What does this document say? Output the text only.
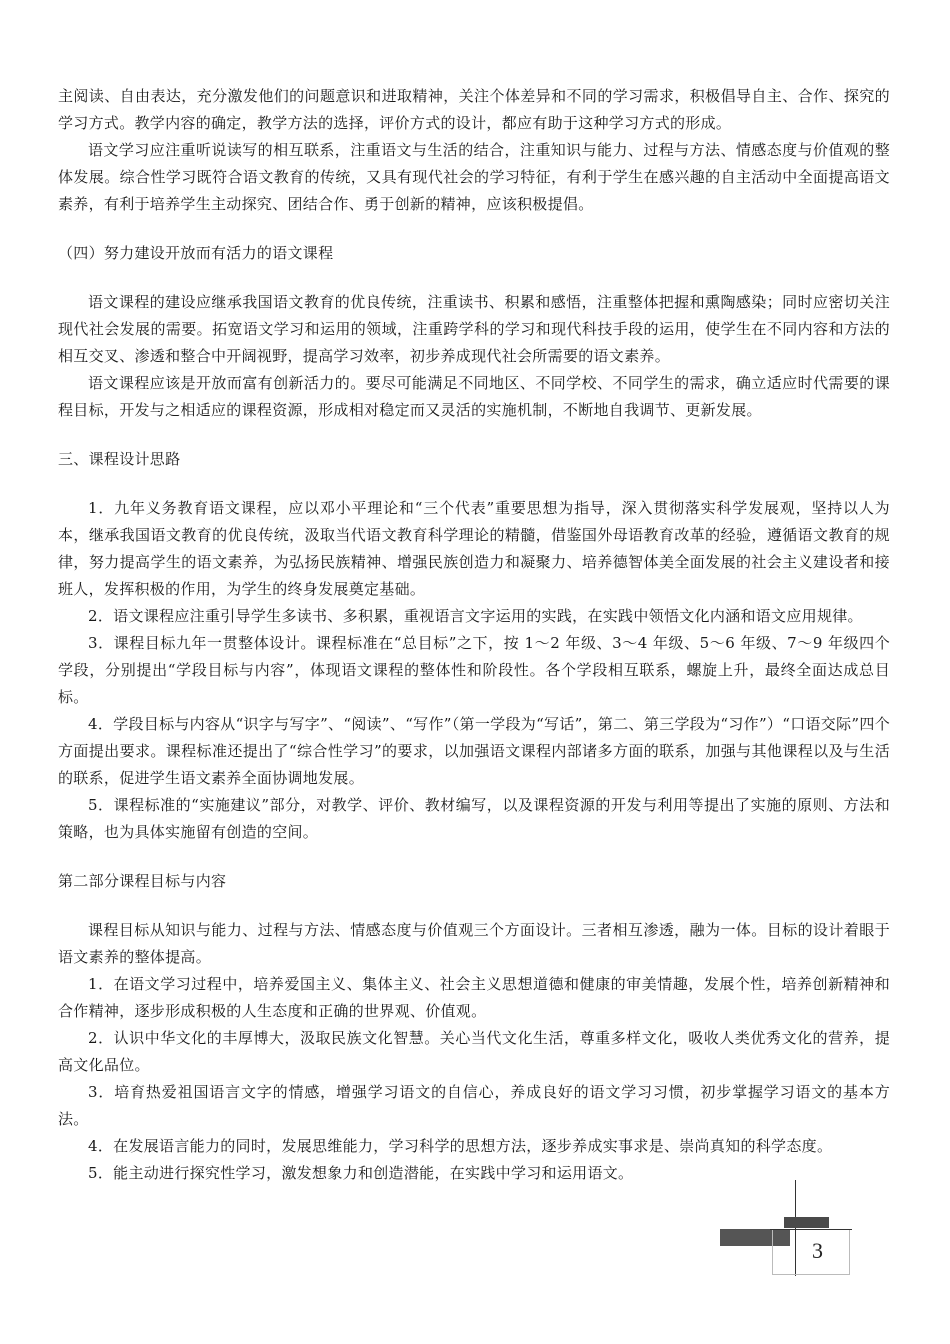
主阅读、自由表达，充分激发他们的问题意识和进取精神，关注个体差异和不同的学习需求，积极倡导自主、合作、探究的学习方式。教学内容的确定，教学方法的选择，评价方式的设计，都应有助于这种学习方式的形成。

语文学习应注重听说读写的相互联系，注重语文与生活的结合，注重知识与能力、过程与方法、情感态度与价值观的整体发展。综合性学习既符合语文教育的传统，又具有现代社会的学习特征，有利于学生在感兴趣的自主活动中全面提高语文素养，有利于培养学生主动探究、团结合作、勇于创新的精神，应该积极提倡。

（四）努力建设开放而有活力的语文课程

语文课程的建设应继承我国语文教育的优良传统，注重读书、积累和感悟，注重整体把握和熏陶感染；同时应密切关注现代社会发展的需要。拓宽语文学习和运用的领域，注重跨学科的学习和现代科技手段的运用，使学生在不同内容和方法的相互交叉、渗透和整合中开阔视野，提高学习效率，初步养成现代社会所需要的语文素养。

语文课程应该是开放而富有创新活力的。要尽可能满足不同地区、不同学校、不同学生的需求，确立适应时代需要的课程目标，开发与之相适应的课程资源，形成相对稳定而又灵活的实施机制，不断地自我调节、更新发展。

三、课程设计思路

1．九年义务教育语文课程，应以邓小平理论和“三个代表”重要思想为指导，深入贯彻落实科学发展观，坚持以人为本，继承我国语文教育的优良传统，汲取当代语文教育科学理论的精髓，借鉴国外母语教育改革的经验，遵循语文教育的规律，努力提高学生的语文素养，为弘扬民族精神、增强民族创造力和凝聚力、培养德智体美全面发展的社会主义建设者和接班人，发挥积极的作用，为学生的终身发展奠定基础。

2．语文课程应注重引导学生多读书、多积累，重视语言文字运用的实践，在实践中领悟文化内涵和语文应用规律。

3．课程目标九年一贯整体设计。课程标准在“总目标”之下，按 1～2 年级、3～4 年级、5～6 年级、7～9 年级四个学段，分别提出“学段目标与内容”，体现语文课程的整体性和阶段性。各个学段相互联系，螺旋上升，最终全面达成总目标。

4．学段目标与内容从“识字与写字”、“阅读”、“写作”（第一学段为“写话”，第二、第三学段为“习作”）“口语交际”四个方面提出要求。课程标准还提出了“综合性学习”的要求，以加强语文课程内部诸多方面的联系，加强与其他课程以及与生活的联系，促进学生语文素养全面协调地发展。

5．课程标准的“实施建议”部分，对教学、评价、教材编写，以及课程资源的开发与利用等提出了实施的原则、方法和策略，也为具体实施留有创造的空间。

第二部分课程目标与内容

课程目标从知识与能力、过程与方法、情感态度与价值观三个方面设计。三者相互渗透，融为一体。目标的设计着眼于语文素养的整体提高。

1．在语文学习过程中，培养爱国主义、集体主义、社会主义思想道德和健康的审美情趣，发展个性，培养创新精神和合作精神，逐步形成积极的人生态度和正确的世界观、价值观。

2．认识中华文化的丰厚博大，汲取民族文化智慧。关心当代文化生活，尊重多样文化，吸收人类优秀文化的营养，提高文化品位。

3．培育热爱祖国语言文字的情感，增强学习语文的自信心，养成良好的语文学习习惯，初步掌握学习语文的基本方法。

4．在发展语言能力的同时，发展思维能力，学习科学的思想方法，逐步养成实事求是、崇尚真知的科学态度。

5．能主动进行探究性学习，激发想象力和创造潜能，在实践中学习和运用语文。

3
